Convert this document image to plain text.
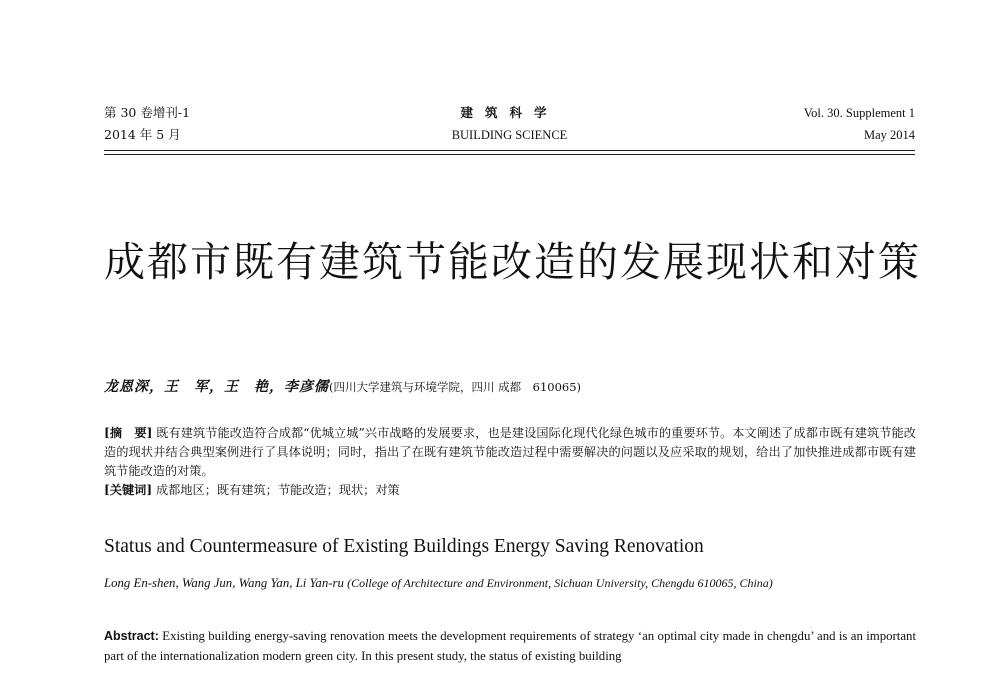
第 30 卷增刊-1	建筑科学	Vol. 30. Supplement 1
2014 年 5 月	BUILDING SCIENCE	May 2014
成都市既有建筑节能改造的发展现状和对策
龙恩深，王　军，王　艳，李彦儒(四川大学建筑与环境学院，四川 成都　610065)

[摘　要] 既有建筑节能改造符合成都“优城立城”兴市战略的发展要求，也是建设国际化现代化绿色城市的重要环节。本文阐述了成都市既有建筑节能改造的现状并结合典型案例进行了具体说明；同时，指出了在既有建筑节能改造过程中需要解决的问题以及应采取的规划，给出了加快推进成都市既有建筑节能改造的对策。

[关键词] 成都地区；既有建筑；节能改造；现状；对策

Status and Countermeasure of Existing Buildings Energy Saving Renovation
Long En-shen, Wang Jun, Wang Yan, Li Yan-ru (College of Architecture and Environment, Sichuan University, Chengdu 610065, China)
Abstract: Existing building energy-saving renovation meets the development requirements of strategy ‘an optimal city made in chengdu’ and is an important part of the internationalization modern green city. In this present study, the status of existing building
